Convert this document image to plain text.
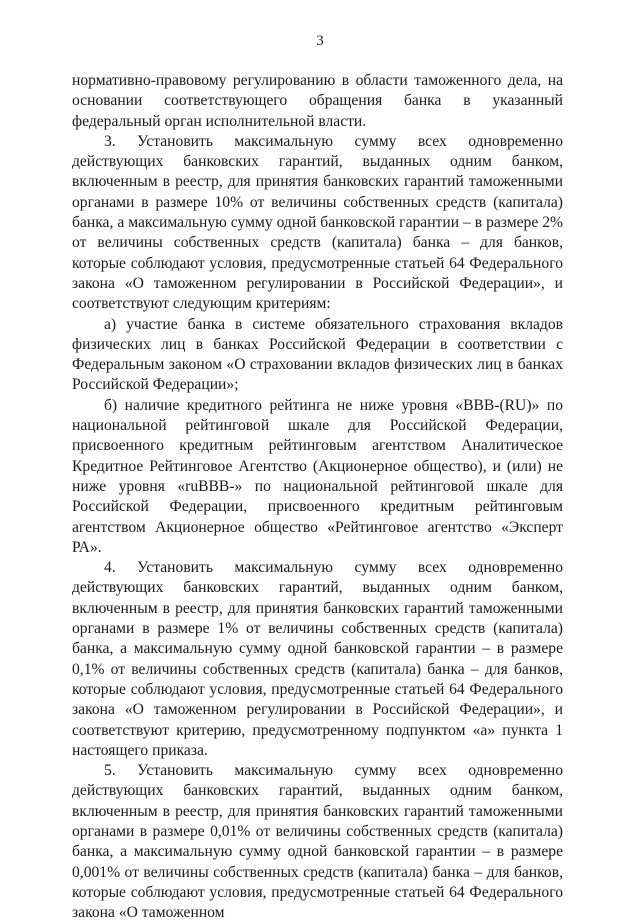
3

нормативно-правовому регулированию в области таможенного дела, на основании соответствующего обращения банка в указанный федеральный орган исполнительной власти.

3. Установить максимальную сумму всех одновременно действующих банковских гарантий, выданных одним банком, включенным в реестр, для принятия банковских гарантий таможенными органами в размере 10% от величины собственных средств (капитала) банка, а максимальную сумму одной банковской гарантии – в размере 2% от величины собственных средств (капитала) банка – для банков, которые соблюдают условия, предусмотренные статьей 64 Федерального закона «О таможенном регулировании в Российской Федерации», и соответствуют следующим критериям:

а) участие банка в системе обязательного страхования вкладов физических лиц в банках Российской Федерации в соответствии с Федеральным законом «О страховании вкладов физических лиц в банках Российской Федерации»;

б) наличие кредитного рейтинга не ниже уровня «BBB-(RU)» по национальной рейтинговой шкале для Российской Федерации, присвоенного кредитным рейтинговым агентством Аналитическое Кредитное Рейтинговое Агентство (Акционерное общество), и (или) не ниже уровня «ruBBB-» по национальной рейтинговой шкале для Российской Федерации, присвоенного кредитным рейтинговым агентством Акционерное общество «Рейтинговое агентство «Эксперт РА».

4. Установить максимальную сумму всех одновременно действующих банковских гарантий, выданных одним банком, включенным в реестр, для принятия банковских гарантий таможенными органами в размере 1% от величины собственных средств (капитала) банка, а максимальную сумму одной банковской гарантии – в размере 0,1% от величины собственных средств (капитала) банка – для банков, которые соблюдают условия, предусмотренные статьей 64 Федерального закона «О таможенном регулировании в Российской Федерации», и соответствуют критерию, предусмотренному подпунктом «а» пункта 1 настоящего приказа.

5. Установить максимальную сумму всех одновременно действующих банковских гарантий, выданных одним банком, включенным в реестр, для принятия банковских гарантий таможенными органами в размере 0,01% от величины собственных средств (капитала) банка, а максимальную сумму одной банковской гарантии – в размере 0,001% от величины собственных средств (капитала) банка – для банков, которые соблюдают условия, предусмотренные статьей 64 Федерального закона «О таможенном
